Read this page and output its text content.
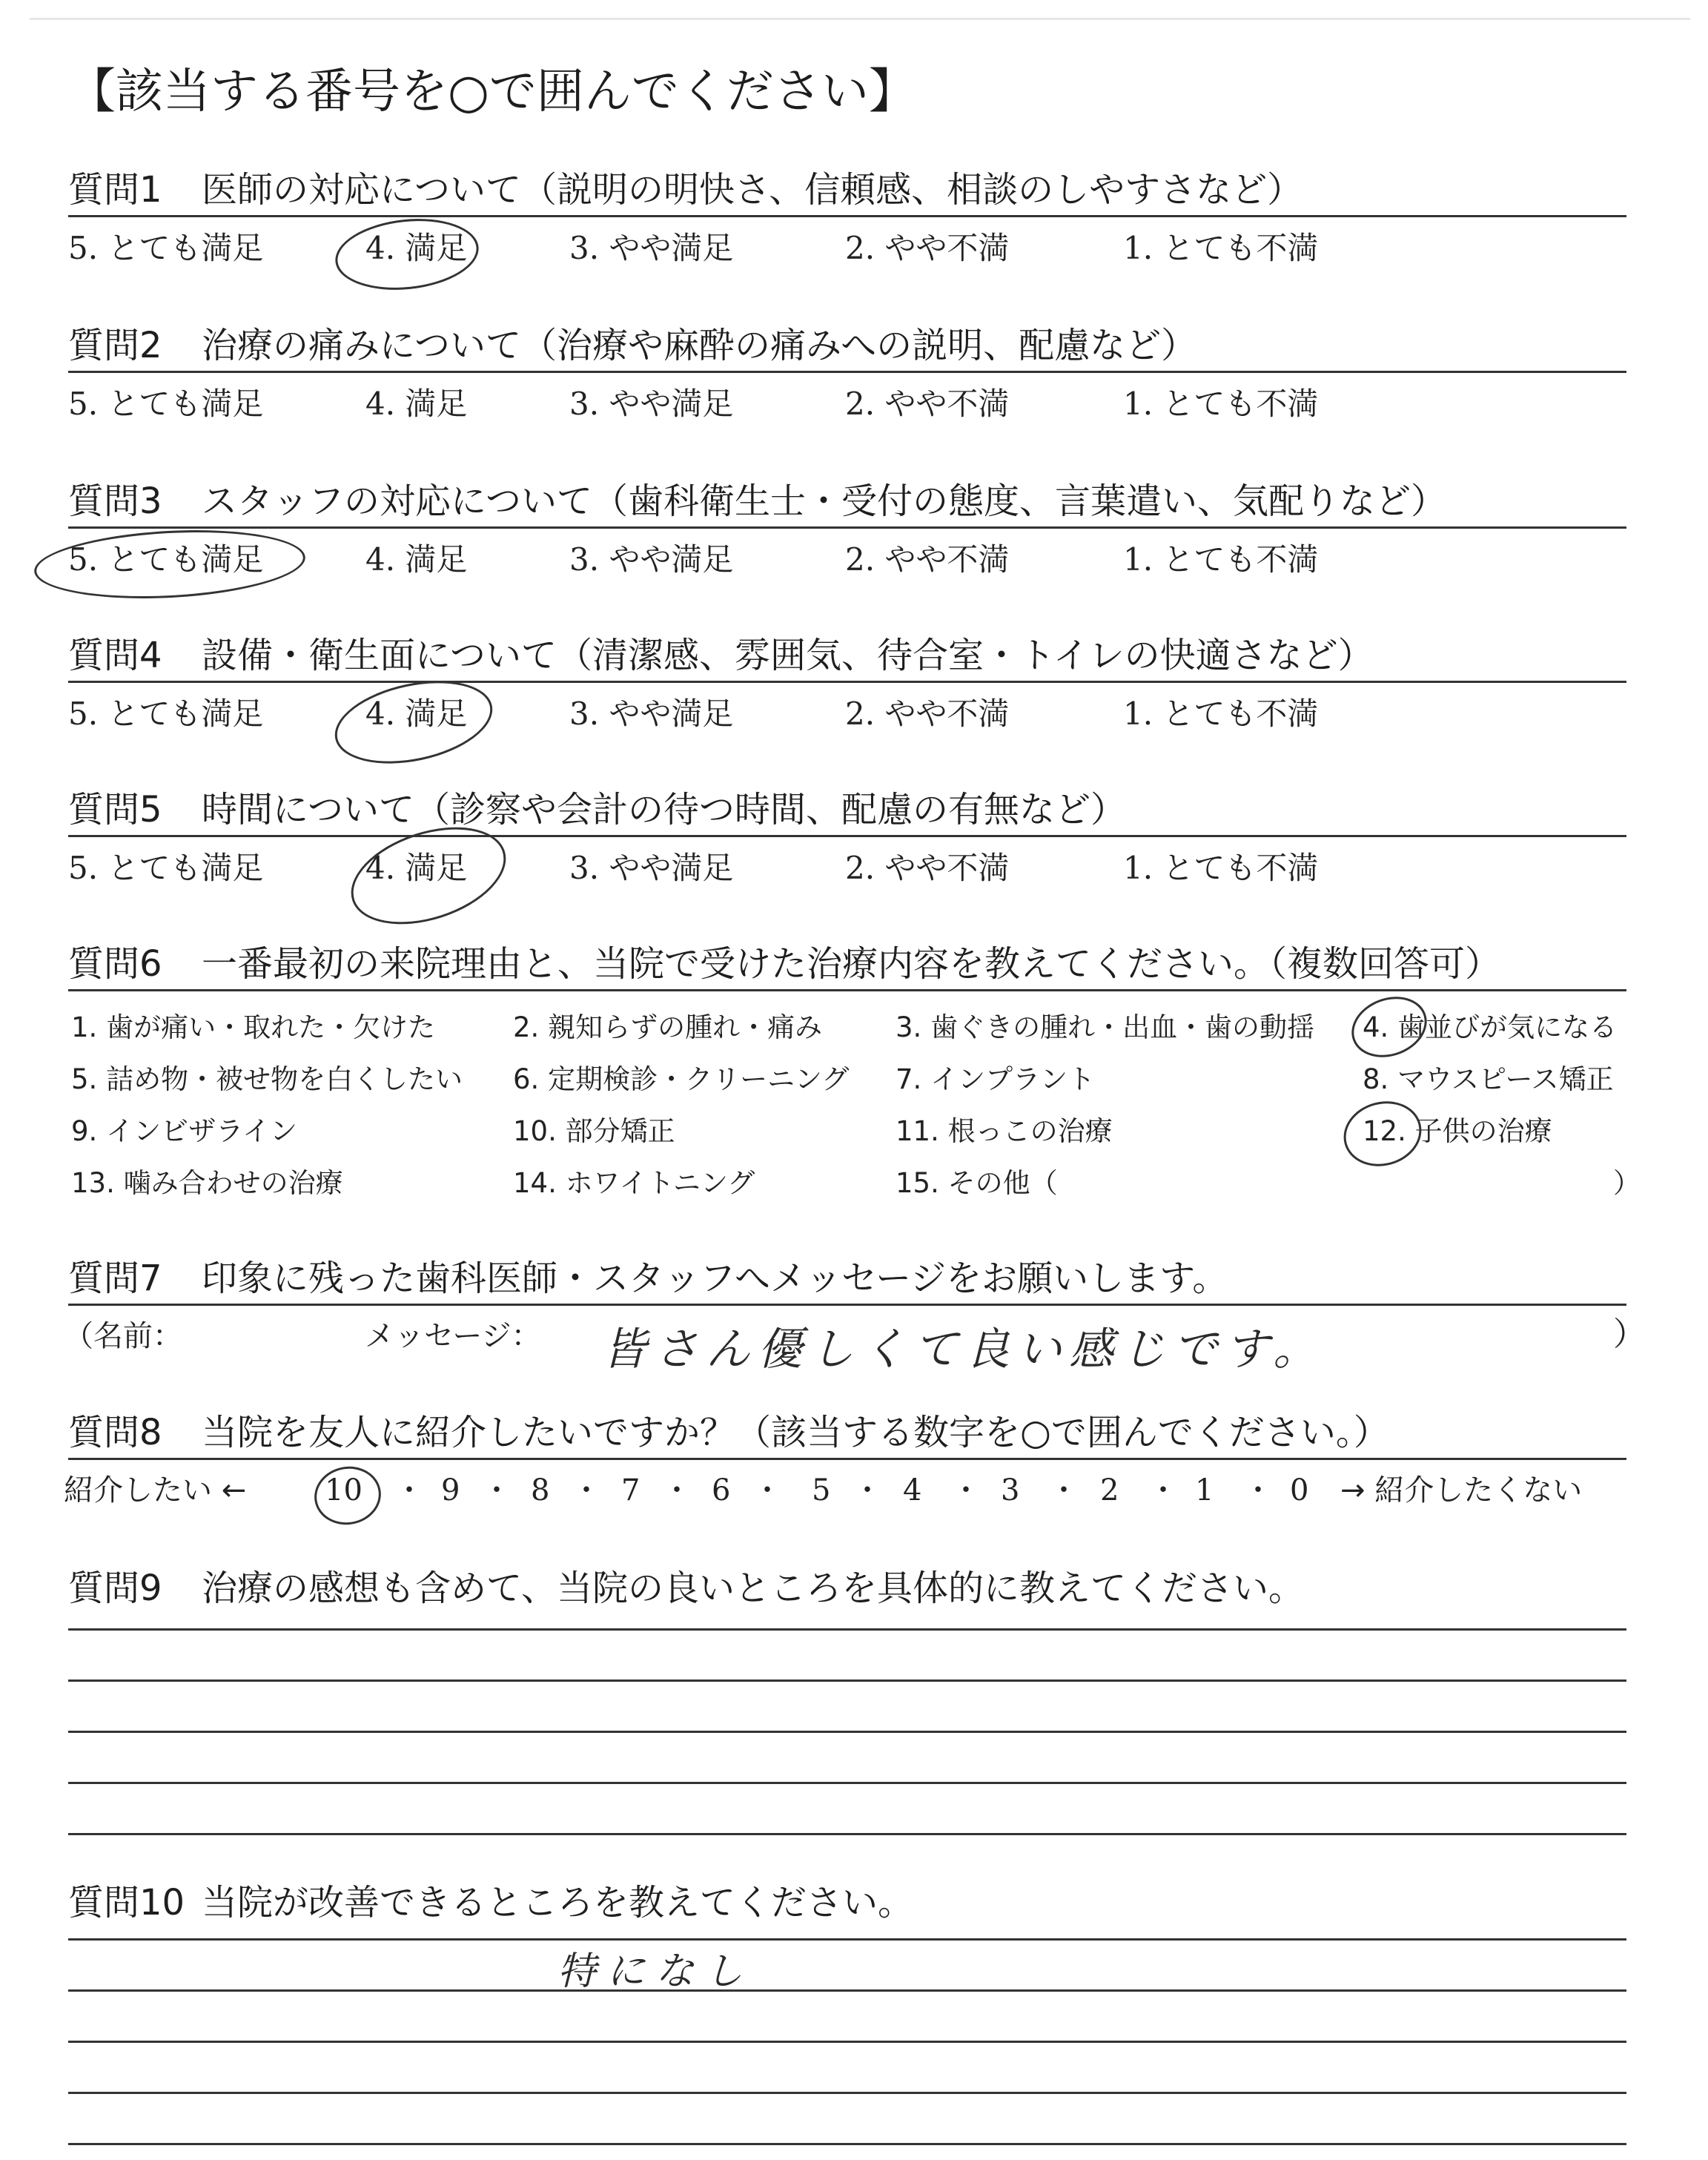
【該当する番号を○で囲んでください】
質問1 医師の対応について（説明の明快さ、信頼感、相談のしやすさなど）
5. とても満足	4. 満足	3. やや満足	2. やや不満	1. とても不満
質問2 治療の痛みについて（治療や麻酔の痛みへの説明、配慮など）
5. とても満足	4. 満足	3. やや満足	2. やや不満	1. とても不満
質問3 スタッフの対応について（歯科衛生士・受付の態度、言葉遣い、気配りなど）
5. とても満足	4. 満足	3. やや満足	2. やや不満	1. とても不満
質問4 設備・衛生面について（清潔感、雰囲気、待合室・トイレの快適さなど）
5. とても満足	4. 満足	3. やや満足	2. やや不満	1. とても不満
質問5 時間について（診察や会計の待つ時間、配慮の有無など）
5. とても満足	4. 満足	3. やや満足	2. やや不満	1. とても不満
質問6 一番最初の来院理由と、当院で受けた治療内容を教えてください。（複数回答可）
1. 歯が痛い・取れた・欠けた	2. 親知らずの腫れ・痛み	3. 歯ぐきの腫れ・出血・歯の動揺 4. 歯並びが気になる
5. 詰め物・被せ物を白くしたい 6. 定期検診・クリーニング 7. インプラント	8. マウスピース矯正
9. インビザライン	10. 部分矯正	11. 根っこの治療	12. 子供の治療
13. 噛み合わせの治療	14. ホワイトニング	15. その他（	）
質問7 印象に残った歯科医師・スタッフへメッセージをお願いします。
（名前：	メッセージ： 皆さん優しくて良い感じです。	）
質問8 当院を友人に紹介したいですか？（該当する数字を○で囲んでください。）
紹介したい ←	→ 紹介したくない
10 ・ 9 ・ 8 ・ 7 ・ 6 ・ 5 ・ 4 ・ 3 ・ 2 ・ 1 ・ 0
質問9 治療の感想も含めて、当院の良いところを具体的に教えてください。
質問10 当院が改善できるところを教えてください。
特になし
